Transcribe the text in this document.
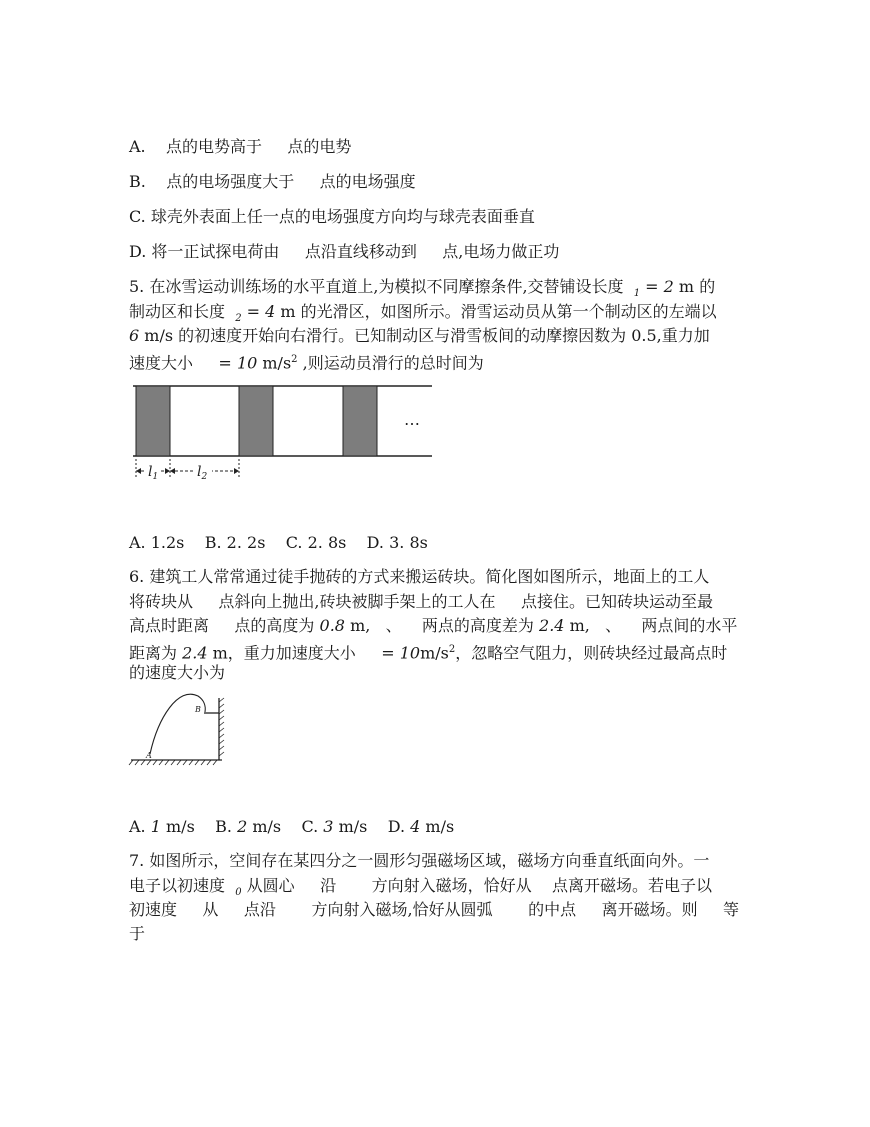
A.    点的电势高于     点的电势
B.    点的电场强度大于     点的电场强度
C. 球壳外表面上任一点的电场强度方向均与球壳表面垂直
D. 将一正试探电荷由     点沿直线移动到     点,电场力做正功
5. 在冰雪运动训练场的水平直道上,为模拟不同摩擦条件,交替铺设长度  $_1$ = 2 m 的
制动区和长度  $_2$ = 4 m 的光滑区，如图所示。滑雪运动员从第一个制动区的左端以
6 m/s 的初速度开始向右滑行。已知制动区与滑雪板间的动摩擦因数为 0.5,重力加
速度大小     = 10 $m/s^2$ ,则运动员滑行的总时间为
…
$l_1$	$l_2$
A. 1.2s    B. 2. 2s    C. 2. 8s    D. 3. 8s
6. 建筑工人常常通过徒手抛砖的方式来搬运砖块。简化图如图所示，地面上的工人
将砖块从     点斜向上抛出,砖块被脚手架上的工人在     点接住。已知砖块运动至最
高点时距离     点的高度为 0.8 m,   、    两点的高度差为 2.4 m,   、    两点间的水平
距离为 2.4 m，重力加速度大小     = $10m/s^2$，忽略空气阻力，则砖块经过最高点时
的速度大小为
A
B
A. 1 m/s    B. 2 m/s    C. 3 m/s    D. 4 m/s
7. 如图所示，空间存在某四分之一圆形匀强磁场区域，磁场方向垂直纸面向外。一
电子以初速度  $_0$ 从圆心     沿       方向射入磁场，恰好从    点离开磁场。若电子以
初速度     从     点沿       方向射入磁场,恰好从圆弧       的中点     离开磁场。则     等
于
